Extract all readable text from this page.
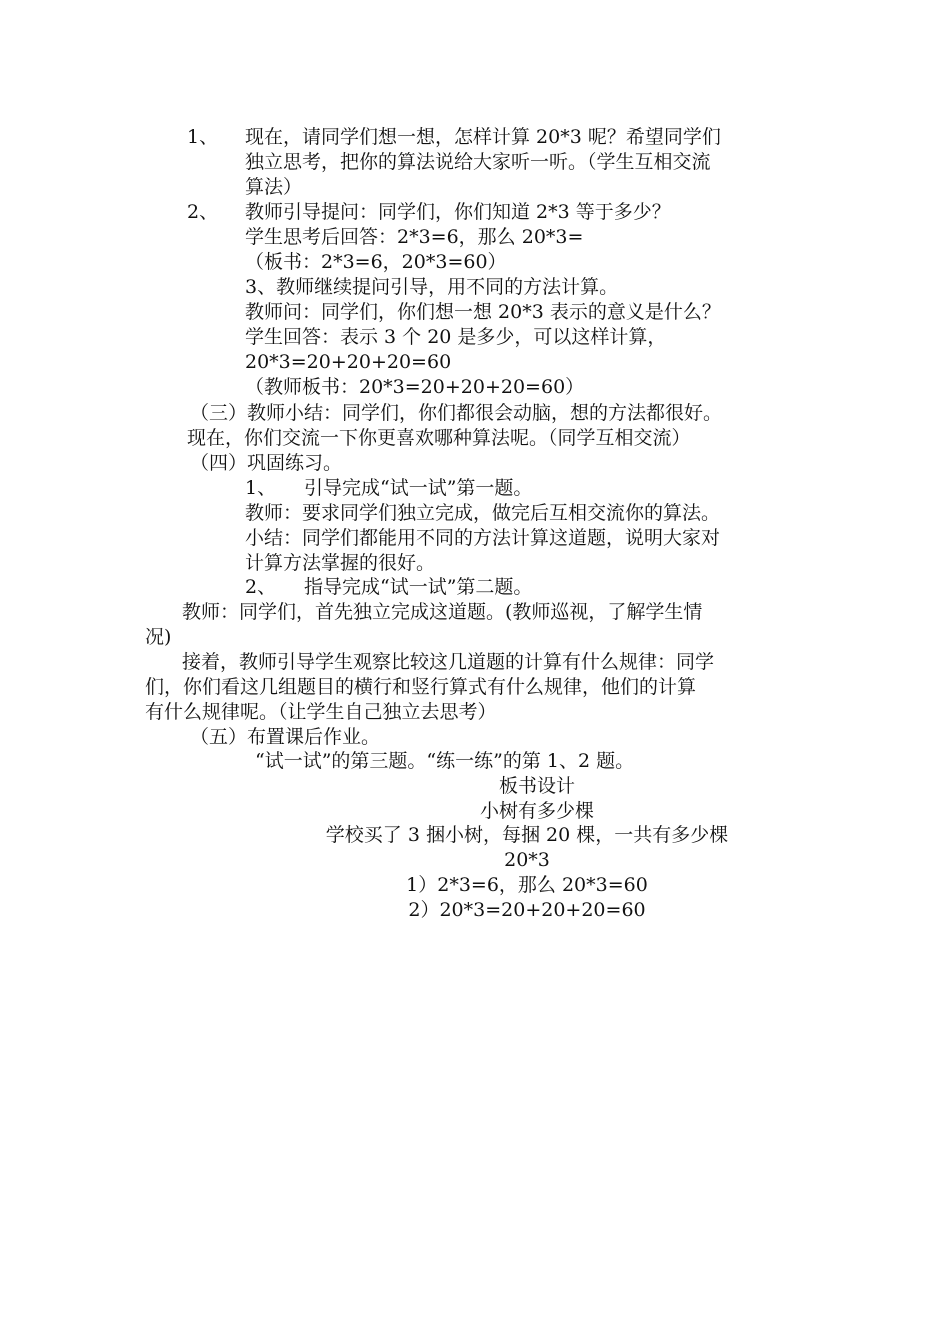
1、 现在，请同学们想一想，怎样计算 20*3 呢？希望同学们
独立思考，把你的算法说给大家听一听。（学生互相交流
算法）
2、 教师引导提问：同学们，你们知道 2*3 等于多少？
学生思考后回答：2*3=6，那么 20*3=
（板书：2*3=6，20*3=60）
3、教师继续提问引导，用不同的方法计算。
教师问：同学们，你们想一想 20*3 表示的意义是什么？
学生回答：表示 3 个 20 是多少，可以这样计算，
20*3=20+20+20=60
（教师板书：20*3=20+20+20=60）
（三）教师小结：同学们，你们都很会动脑，想的方法都很好。
现在，你们交流一下你更喜欢哪种算法呢。（同学互相交流）
（四）巩固练习。
1、 引导完成“试一试”第一题。
教师：要求同学们独立完成，做完后互相交流你的算法。
小结：同学们都能用不同的方法计算这道题，说明大家对
计算方法掌握的很好。
2、 指导完成“试一试”第二题。
教师：同学们，首先独立完成这道题。(教师巡视，了解学生情
况)
接着，教师引导学生观察比较这几道题的计算有什么规律：同学
们，你们看这几组题目的横行和竖行算式有什么规律，他们的计算
有什么规律呢。（让学生自己独立去思考）
（五）布置课后作业。
“试一试”的第三题。“练一练”的第 1、2 题。
板书设计
小树有多少棵
学校买了 3 捆小树，每捆 20 棵，一共有多少棵
20*3
1）2*3=6，那么 20*3=60
2）20*3=20+20+20=60
